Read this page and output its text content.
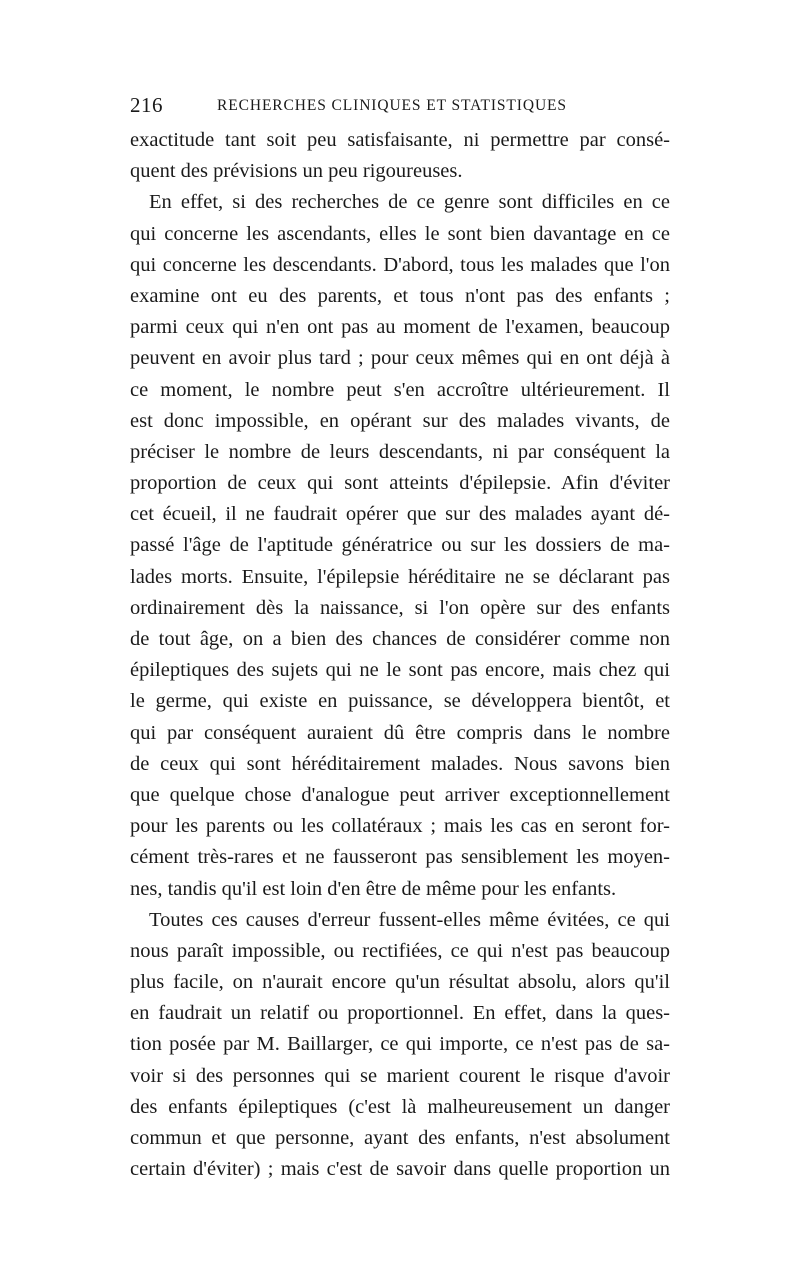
216	RECHERCHES CLINIQUES ET STATISTIQUES
exactitude tant soit peu satisfaisante, ni permettre par consé-
quent des prévisions un peu rigoureuses.
En effet, si des recherches de ce genre sont difficiles en ce
qui concerne les ascendants, elles le sont bien davantage en ce
qui concerne les descendants. D'abord, tous les malades que l'on
examine ont eu des parents, et tous n'ont pas des enfants ;
parmi ceux qui n'en ont pas au moment de l'examen, beaucoup
peuvent en avoir plus tard ; pour ceux mêmes qui en ont déjà à
ce moment, le nombre peut s'en accroître ultérieurement. Il
est donc impossible, en opérant sur des malades vivants, de
préciser le nombre de leurs descendants, ni par conséquent la
proportion de ceux qui sont atteints d'épilepsie. Afin d'éviter
cet écueil, il ne faudrait opérer que sur des malades ayant dé-
passé l'âge de l'aptitude génératrice ou sur les dossiers de ma-
lades morts. Ensuite, l'épilepsie héréditaire ne se déclarant pas
ordinairement dès la naissance, si l'on opère sur des enfants
de tout âge, on a bien des chances de considérer comme non
épileptiques des sujets qui ne le sont pas encore, mais chez qui
le germe, qui existe en puissance, se développera bientôt, et
qui par conséquent auraient dû être compris dans le nombre
de ceux qui sont héréditairement malades. Nous savons bien
que quelque chose d'analogue peut arriver exceptionnellement
pour les parents ou les collatéraux ; mais les cas en seront for-
cément très-rares et ne fausseront pas sensiblement les moyen-
nes, tandis qu'il est loin d'en être de même pour les enfants.
Toutes ces causes d'erreur fussent-elles même évitées, ce qui
nous paraît impossible, ou rectifiées, ce qui n'est pas beaucoup
plus facile, on n'aurait encore qu'un résultat absolu, alors qu'il
en faudrait un relatif ou proportionnel. En effet, dans la ques-
tion posée par M. Baillarger, ce qui importe, ce n'est pas de sa-
voir si des personnes qui se marient courent le risque d'avoir
des enfants épileptiques (c'est là malheureusement un danger
commun et que personne, ayant des enfants, n'est absolument
certain d'éviter) ; mais c'est de savoir dans quelle proportion un
